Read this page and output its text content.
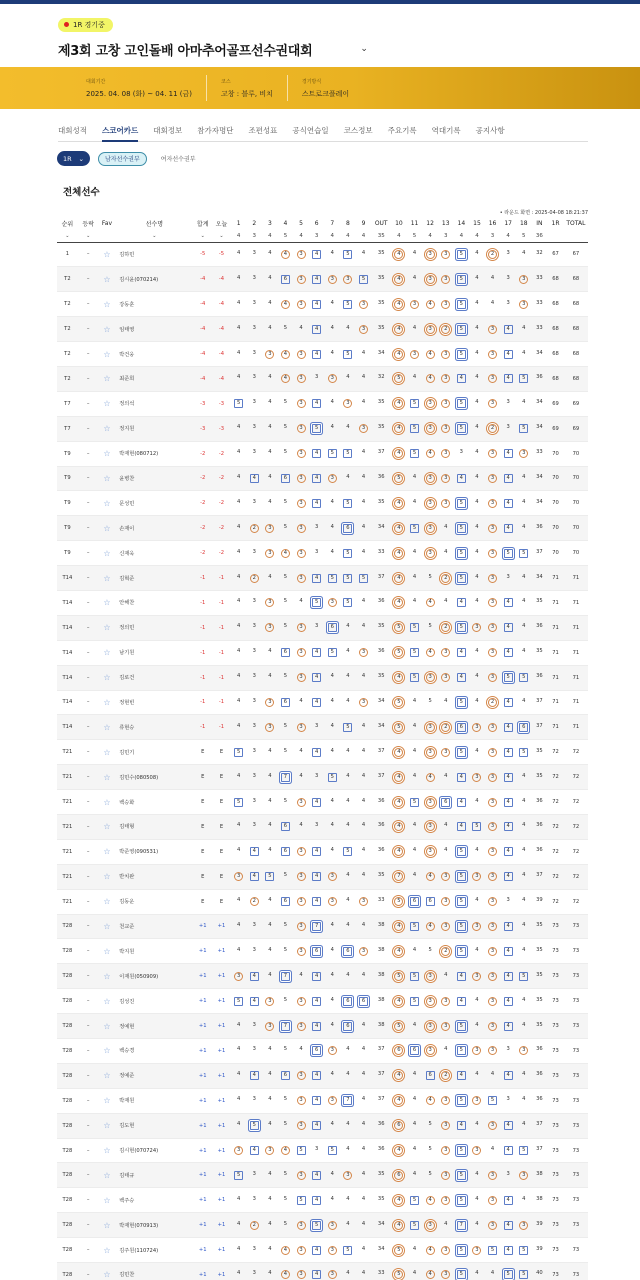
1R 경기중
제3회 고창 고인돌배 아마추어골프선수권대회	⌄
대회기간
2025. 04. 08 (화) ~ 04. 11 (금)
코스
고창 : 블루, 비치
경기방식
스트로크플레이
대회성적 스코어카드 대회정보 참가자명단 조편성표 공식연습일 코스정보 주요기록 역대기록 공지사항
1R ⌄	남자선수권부	여자선수권부
전체선수
• 라운드 화면 : 2025-04-08 18:21:37
순위	등락	Fav	선수명	합계	오늘	1	2	3	4	5	6	7	8	9	OUT	10	11	12	13	14	15	16	17	18	IN	1R	TOTAL
⌄	⌄		⌄	⌄	⌄	4	3	4	5	4	3	4	4	4	35	4	5	4	3	4	4	3	4	5	36		
1	–	☆	김하민	-5	-5	4	3	4	4	3	4	4	5	4	35	4	4	3	3	5	4	2	3	4	32	67	67
T2	–	☆	김시윤(070214)	-4	-4	4	3	4	6	3	4	3	3	5	35	4	4	3	3	5	4	4	3	3	33	68	68
T2	–	☆	강동훈	-4	-4	4	3	4	4	3	4	4	5	3	35	4	3	4	3	5	4	4	3	3	33	68	68
T2	–	☆	임태영	-4	-4	4	3	4	5	4	4	4	4	3	35	4	4	3	2	5	4	3	4	4	33	68	68
T2	–	☆	박건웅	-4	-4	4	3	3	4	3	4	4	5	4	34	4	3	4	3	5	4	3	4	4	34	68	68
T2	–	☆	최준희	-4	-4	4	3	4	4	3	3	3	4	4	32	5	4	4	3	4	4	3	4	5	36	68	68
T7	–	☆	정의석	-3	-3	5	3	4	5	3	4	4	3	4	35	4	5	3	3	5	4	3	3	4	34	69	69
T7	–	☆	정지원	-3	-3	4	3	4	5	3	5	4	4	3	35	4	5	3	3	5	4	2	3	5	34	69	69
T9	–	☆	박재현(080712)	-2	-2	4	3	4	5	3	4	5	5	4	37	4	5	4	3	3	4	3	4	3	33	70	70
T9	–	☆	윤병찬	-2	-2	4	4	4	6	3	4	3	4	4	36	5	4	3	3	4	4	3	4	4	34	70	70
T9	–	☆	문성민	-2	-2	4	3	4	5	3	4	4	5	4	35	4	4	3	3	5	4	3	4	4	34	70	70
T9	–	☆	손재이	-2	-2	4	2	3	5	3	3	4	6	4	34	4	5	3	4	5	4	3	4	4	36	70	70
T9	–	☆	신재욱	-2	-2	4	3	3	4	3	3	4	5	4	33	4	4	3	4	5	4	3	5	5	37	70	70
T14	–	☆	김혁준	-1	-1	4	2	4	5	3	4	5	5	5	37	4	4	5	2	5	4	3	3	4	34	71	71
T14	–	☆	안해찬	-1	-1	4	3	3	5	4	5	3	5	4	36	4	4	4	4	4	4	3	4	4	35	71	71
T14	–	☆	정의민	-1	-1	4	3	3	5	3	3	6	4	4	35	5	5	5	2	5	3	3	4	4	36	71	71
T14	–	☆	남기원	-1	-1	4	3	4	6	3	4	5	4	3	36	5	5	4	3	4	4	3	4	4	35	71	71
T14	–	☆	김로건	-1	-1	4	3	4	5	3	4	4	4	4	35	4	5	3	3	4	4	3	5	5	36	71	71
T14	–	☆	정현빈	-1	-1	4	3	3	6	4	4	4	4	3	34	5	4	5	4	5	4	2	4	4	37	71	71
T14	–	☆	류현승	-1	-1	4	3	3	5	3	3	4	5	4	34	5	4	3	2	6	3	3	4	6	37	71	71
T21	–	☆	김민기	E	E	5	3	4	5	4	4	4	4	4	37	4	4	3	3	5	4	3	4	5	35	72	72
T21	–	☆	김민수(080508)	E	E	4	3	4	7	4	3	5	4	4	37	4	4	4	4	4	3	3	4	4	35	72	72
T21	–	☆	백승화	E	E	5	3	4	5	3	4	4	4	4	36	4	5	3	6	4	4	3	4	4	36	72	72
T21	–	☆	김태형	E	E	4	3	4	6	4	3	4	4	4	36	4	4	3	4	4	5	3	4	4	36	72	72
T21	–	☆	박준영(090531)	E	E	4	4	4	6	3	4	4	5	4	36	4	4	3	4	5	4	3	4	4	36	72	72
T21	–	☆	반치완	E	E	3	4	5	5	3	4	3	4	4	35	7	4	4	3	5	3	3	4	4	37	72	72
T21	–	☆	김동운	E	E	4	2	4	6	3	4	3	4	3	33	5	6	6	3	5	4	3	3	4	39	72	72
T28	–	☆	천교준	+1	+1	4	3	4	5	3	7	4	4	4	38	4	5	4	3	5	3	3	4	4	35	73	73
T28	–	☆	박지원	+1	+1	4	3	4	5	3	6	4	6	3	38	4	4	5	2	5	4	3	4	4	35	73	73
T28	–	☆	이재원(050909)	+1	+1	3	4	4	7	4	4	4	4	4	38	5	5	3	4	4	3	3	4	5	35	73	73
T28	–	☆	김성진	+1	+1	5	4	3	5	3	4	4	6	6	38	4	5	3	3	4	4	3	4	4	35	73	73
T28	–	☆	정예현	+1	+1	4	3	3	7	3	4	4	6	4	38	5	4	3	3	5	4	3	4	4	35	73	73
T28	–	☆	백승경	+1	+1	4	3	4	5	4	6	3	4	4	37	6	6	3	4	5	3	3	3	3	36	73	73
T28	–	☆	정예준	+1	+1	4	4	4	6	3	4	4	4	4	37	4	4	6	2	4	4	4	4	4	36	73	73
T28	–	☆	박재원	+1	+1	4	3	4	5	3	4	3	7	4	37	4	4	4	3	5	3	5	3	4	36	73	73
T28	–	☆	김도현	+1	+1	4	5	4	5	3	4	4	4	4	36	6	4	5	3	4	4	3	4	4	37	73	73
T28	–	☆	김시현(070724)	+1	+1	3	4	3	4	5	3	5	4	4	36	4	4	5	3	5	3	4	4	5	37	73	73
T28	–	☆	김태규	+1	+1	5	3	4	5	3	4	4	3	4	35	6	4	5	3	5	4	3	3	3	38	73	73
T28	–	☆	백주승	+1	+1	4	3	4	5	5	4	4	4	4	35	4	5	4	3	5	4	3	4	4	38	73	73
T28	–	☆	박재현(070913)	+1	+1	4	2	4	5	3	5	3	4	4	34	4	5	3	4	7	4	3	4	3	39	73	73
T28	–	☆	김주원(110724)	+1	+1	4	3	4	4	3	4	3	5	4	34	5	4	4	3	5	3	5	4	5	39	73	73
T28	–	☆	김민찬	+1	+1	4	3	4	4	3	4	3	4	4	33	5	4	4	3	5	4	4	5	5	40	73	73
